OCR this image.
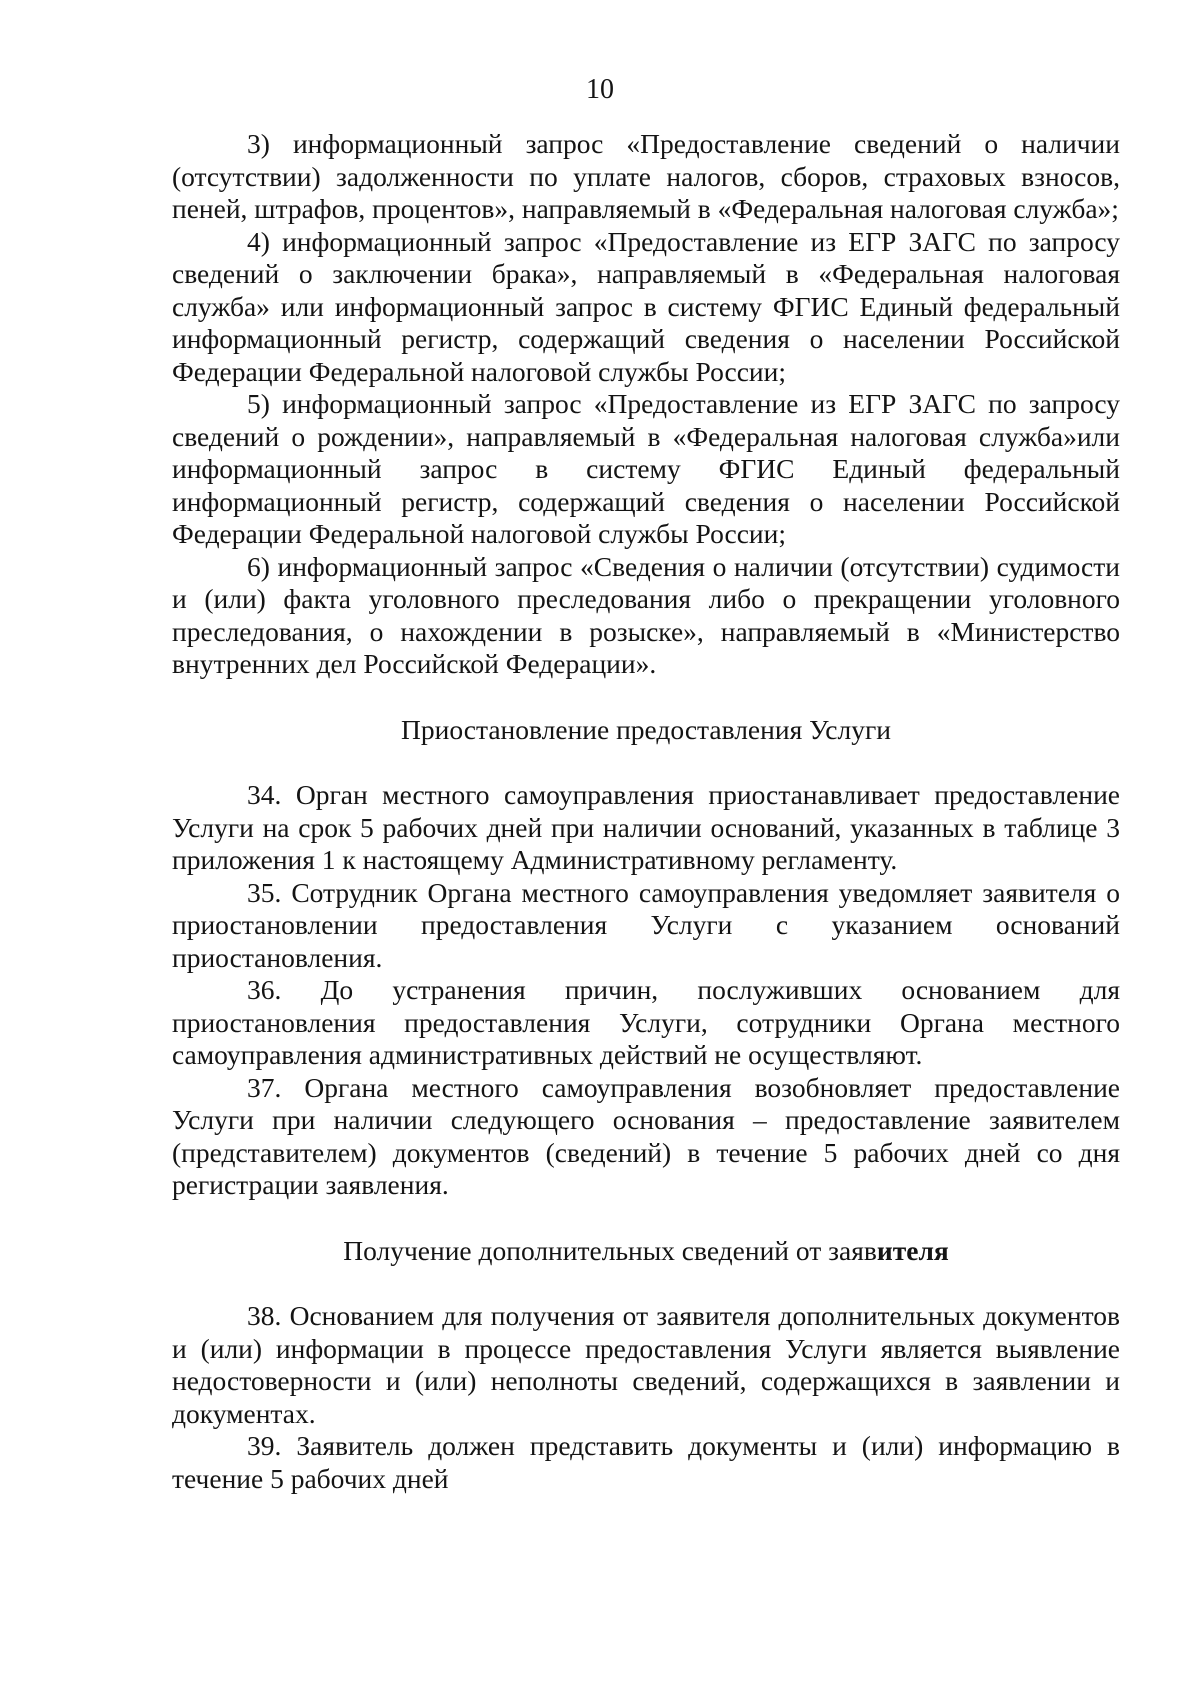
10

3) информационный запрос «Предоставление сведений о наличии (отсутствии) задолженности по уплате налогов, сборов, страховых взносов, пеней, штрафов, процентов», направляемый в «Федеральная налоговая служба»;

4) информационный запрос «Предоставление из ЕГР ЗАГС по запросу сведений о заключении брака», направляемый в «Федеральная налоговая служба» или информационный запрос в систему ФГИС Единый федеральный информационный регистр, содержащий сведения о населении Российской Федерации Федеральной налоговой службы России;

5) информационный запрос «Предоставление из ЕГР ЗАГС по запросу сведений о рождении», направляемый в «Федеральная налоговая служба»или информационный запрос в систему ФГИС Единый федеральный информационный регистр, содержащий сведения о населении Российской Федерации Федеральной налоговой службы России;

6) информационный запрос «Сведения о наличии (отсутствии) судимости и (или) факта уголовного преследования либо о прекращении уголовного преследования, о нахождении в розыске», направляемый в «Министерство внутренних дел Российской Федерации».

Приостановление предоставления Услуги

34. Орган местного самоуправления приостанавливает предоставление Услуги на срок 5 рабочих дней при наличии оснований, указанных в таблице 3 приложения 1 к настоящему Административному регламенту.

35. Сотрудник Органа местного самоуправления уведомляет заявителя о приостановлении предоставления Услуги с указанием оснований приостановления.

36. До устранения причин, послуживших основанием для приостановления предоставления Услуги, сотрудники Органа местного самоуправления административных действий не осуществляют.

37. Органа местного самоуправления возобновляет предоставление Услуги при наличии следующего основания – предоставление заявителем (представителем) документов (сведений) в течение 5 рабочих дней со дня регистрации заявления.

Получение дополнительных сведений от заявителя

38. Основанием для получения от заявителя дополнительных документов и (или) информации в процессе предоставления Услуги является выявление недостоверности и (или) неполноты сведений, содержащихся в заявлении и документах.

39. Заявитель должен представить документы и (или) информацию в течение 5 рабочих дней
